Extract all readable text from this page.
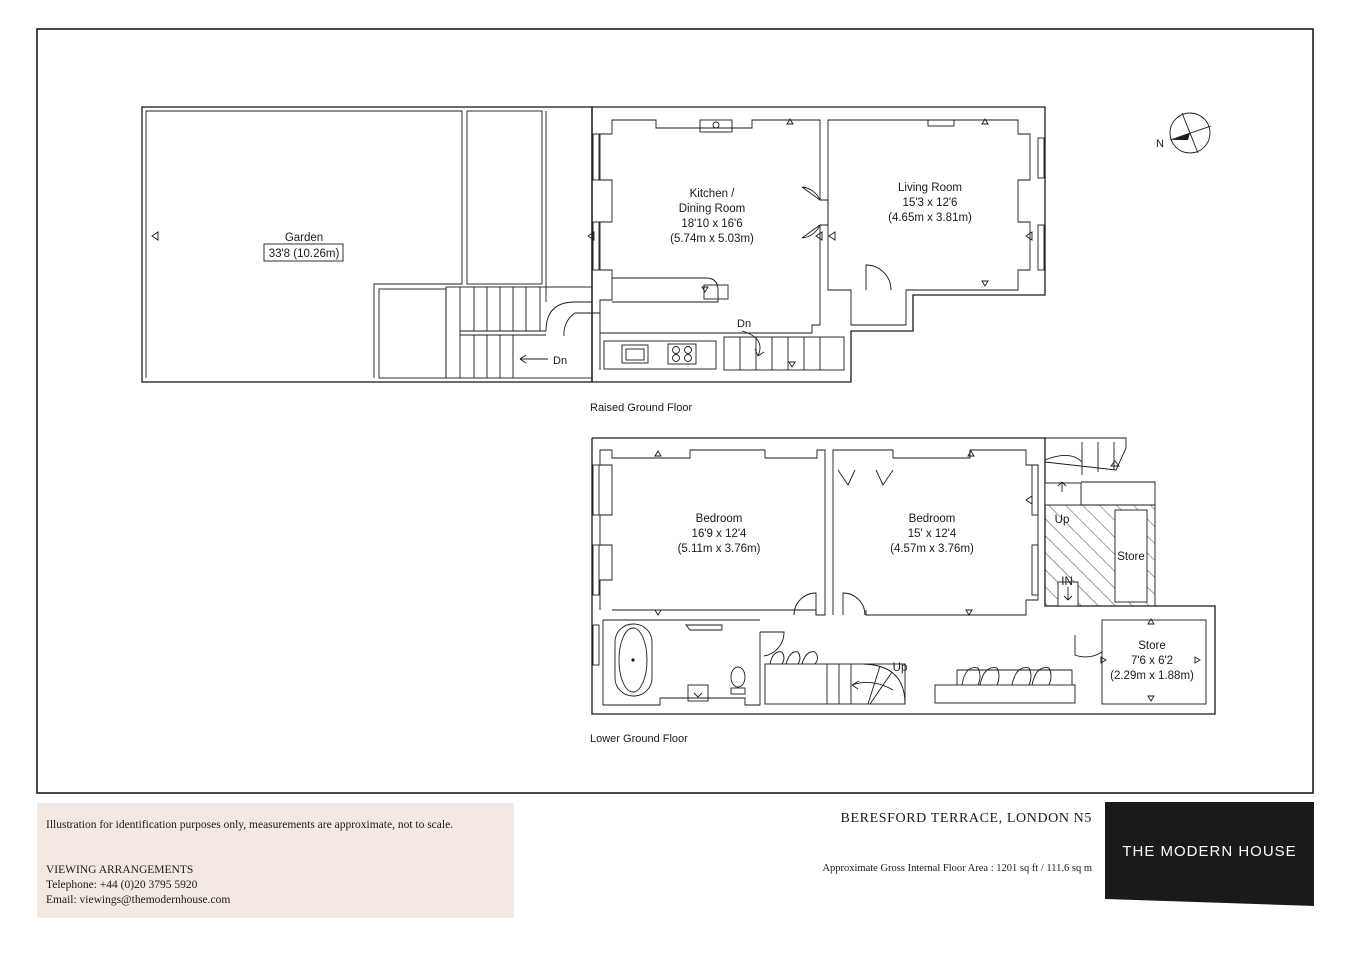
N
Dn
Dn
Garden
33'8 (10.26m)
Kitchen /
Dining Room
18'10 x 16'6
(5.74m x 5.03m)
Living Room
15'3 x 12'6
(4.65m x 3.81m)
Raised Ground Floor
Store
IN
Up
Up
Bedroom
16'9 x 12'4
(5.11m x 3.76m)
Bedroom
15' x 12'4
(4.57m x 3.76m)
Store
7'6 x 6'2
(2.29m x 1.88m)
Lower Ground Floor
Illustration for identification purposes only, measurements are approximate, not to scale.
VIEWING ARRANGEMENTS
Telephone: +44 (0)20 3795 5920
Email: viewings@themodernhouse.com
BERESFORD TERRACE, LONDON N5
Approximate Gross Internal Floor Area : 1201 sq ft / 111.6 sq m
THE MODERN HOUSE
